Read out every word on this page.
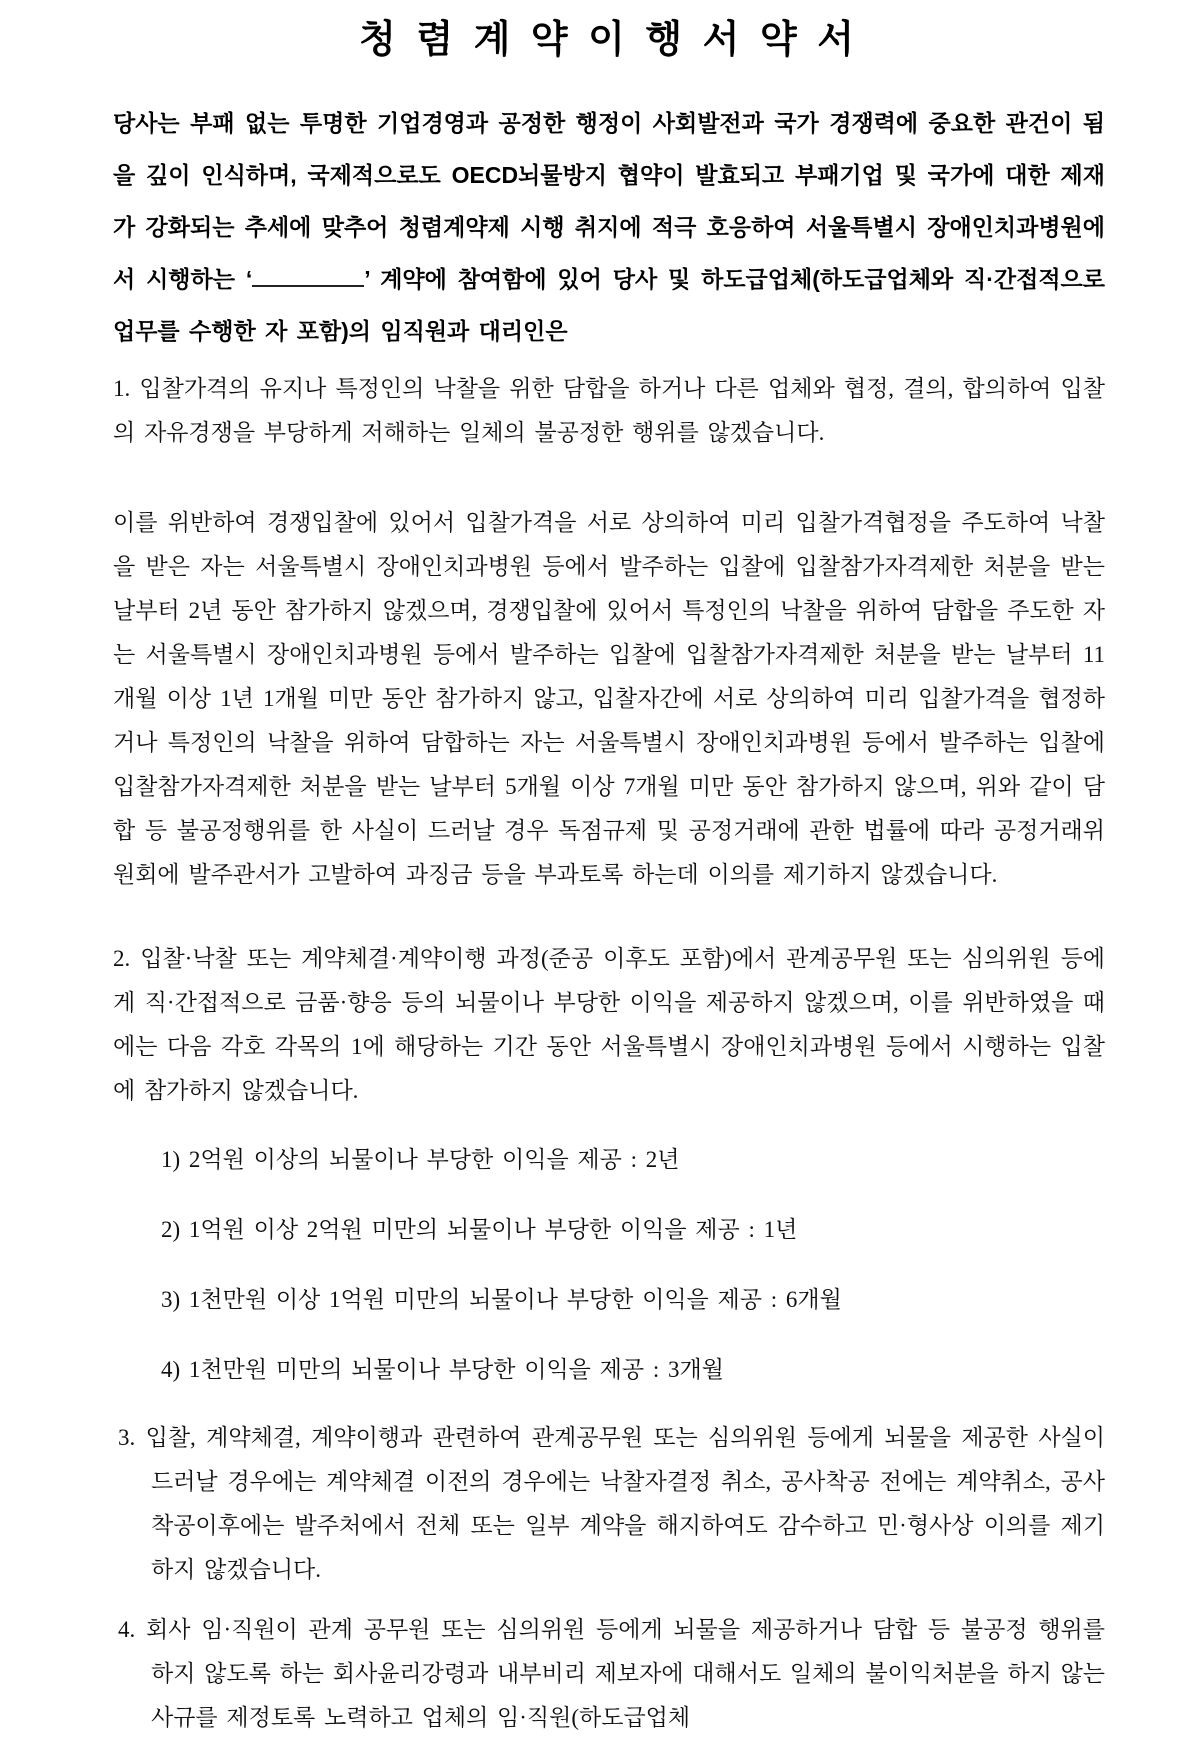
청 렴 계 약 이 행 서 약 서

당사는 부패 없는 투명한 기업경영과 공정한 행정이 사회발전과 국가 경쟁력에 중요한 관건이 됨을 깊이 인식하며, 국제적으로도 OECD뇌물방지 협약이 발효되고 부패기업 및 국가에 대한 제재가 강화되는 추세에 맞추어 청렴계약제 시행 취지에 적극 호응하여 서울특별시 장애인치과병원에서 시행하는 ‘	’ 계약에 참여함에 있어 당사 및 하도급업체(하도급업체와 직·간접적으로 업무를 수행한 자 포함)의 임직원과 대리인은

1. 입찰가격의 유지나 특정인의 낙찰을 위한 담합을 하거나 다른 업체와 협정, 결의, 합의하여 입찰의 자유경쟁을 부당하게 저해하는 일체의 불공정한 행위를 않겠습니다.

이를 위반하여 경쟁입찰에 있어서 입찰가격을 서로 상의하여 미리 입찰가격협정을 주도하여 낙찰을 받은 자는 서울특별시 장애인치과병원 등에서 발주하는 입찰에 입찰참가자격제한 처분을 받는 날부터 2년 동안 참가하지 않겠으며, 경쟁입찰에 있어서 특정인의 낙찰을 위하여 담합을 주도한 자는 서울특별시 장애인치과병원 등에서 발주하는 입찰에 입찰참가자격제한 처분을 받는 날부터 11개월 이상 1년 1개월 미만 동안 참가하지 않고, 입찰자간에 서로 상의하여 미리 입찰가격을 협정하거나 특정인의 낙찰을 위하여 담합하는 자는 서울특별시 장애인치과병원 등에서 발주하는 입찰에 입찰참가자격제한 처분을 받는 날부터 5개월 이상 7개월 미만 동안 참가하지 않으며, 위와 같이 담합 등 불공정행위를 한 사실이 드러날 경우 독점규제 및 공정거래에 관한 법률에 따라 공정거래위원회에 발주관서가 고발하여 과징금 등을 부과토록 하는데 이의를 제기하지 않겠습니다.

2. 입찰·낙찰 또는 계약체결·계약이행 과정(준공 이후도 포함)에서 관계공무원 또는 심의위원 등에게 직·간접적으로 금품·향응 등의 뇌물이나 부당한 이익을 제공하지 않겠으며, 이를 위반하였을 때에는 다음 각호 각목의 1에 해당하는 기간 동안 서울특별시 장애인치과병원 등에서 시행하는 입찰에 참가하지 않겠습니다.

1) 2억원 이상의 뇌물이나 부당한 이익을 제공 : 2년

2) 1억원 이상 2억원 미만의 뇌물이나 부당한 이익을 제공 : 1년

3) 1천만원 이상 1억원 미만의 뇌물이나 부당한 이익을 제공 : 6개월

4) 1천만원 미만의 뇌물이나 부당한 이익을 제공 : 3개월

3. 입찰, 계약체결, 계약이행과 관련하여 관계공무원 또는 심의위원 등에게 뇌물을 제공한 사실이 드러날 경우에는 계약체결 이전의 경우에는 낙찰자결정 취소, 공사착공 전에는 계약취소, 공사착공이후에는 발주처에서 전체 또는 일부 계약을 해지하여도 감수하고 민·형사상 이의를 제기하지 않겠습니다.

4. 회사 임·직원이 관계 공무원 또는 심의위원 등에게 뇌물을 제공하거나 담합 등 불공정 행위를 하지 않도록 하는 회사윤리강령과 내부비리 제보자에 대해서도 일체의 불이익처분을 하지 않는 사규를 제정토록 노력하고 업체의 임·직원(하도급업체
